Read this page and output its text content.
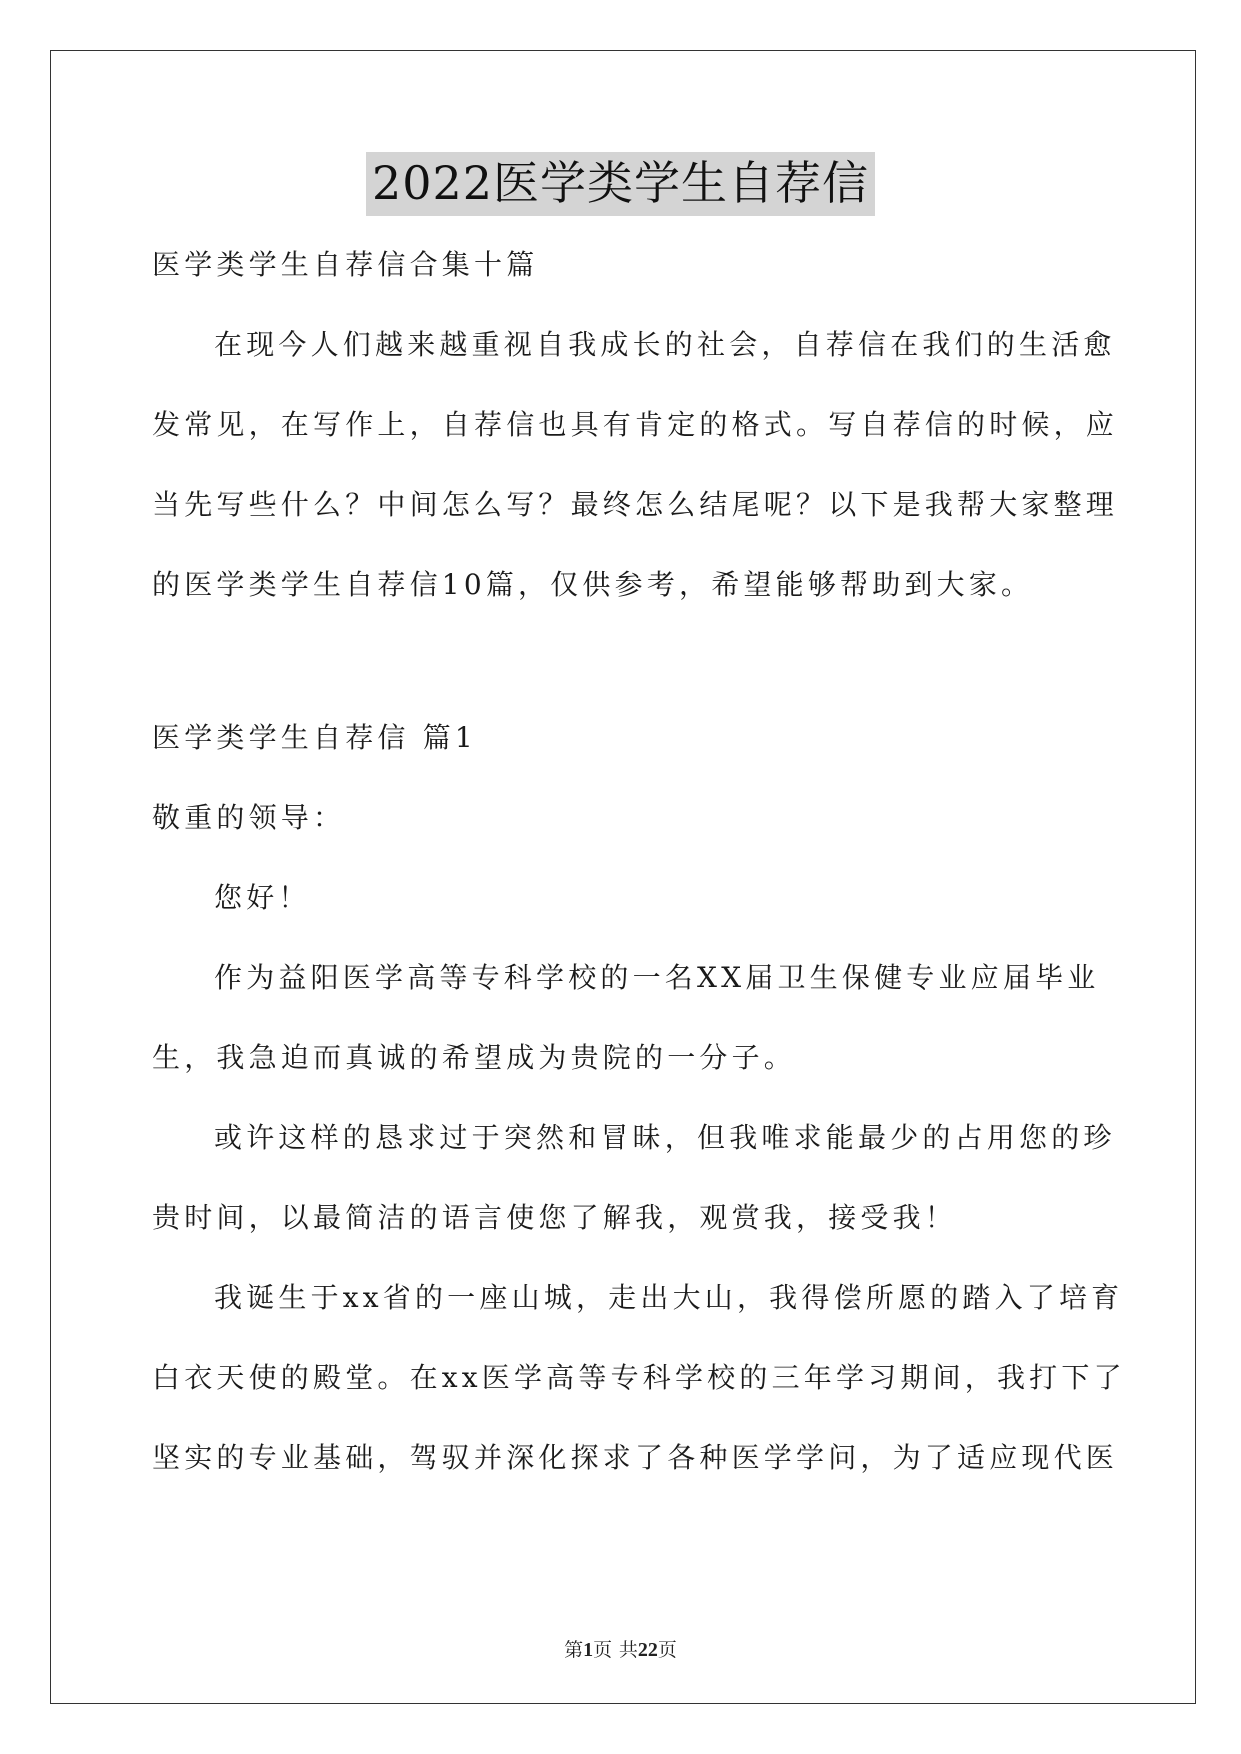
2022医学类学生自荐信

医学类学生自荐信合集十篇

在现今人们越来越重视自我成长的社会，自荐信在我们的生活愈

发常见，在写作上，自荐信也具有肯定的格式。写自荐信的时候，应

当先写些什么？中间怎么写？最终怎么结尾呢？以下是我帮大家整理

的医学类学生自荐信10篇，仅供参考，希望能够帮助到大家。

医学类学生自荐信 篇1

敬重的领导：

您好！

作为益阳医学高等专科学校的一名XX届卫生保健专业应届毕业

生，我急迫而真诚的希望成为贵院的一分子。

或许这样的恳求过于突然和冒昧，但我唯求能最少的占用您的珍

贵时间，以最简洁的语言使您了解我，观赏我，接受我！

我诞生于xx省的一座山城，走出大山，我得偿所愿的踏入了培育

白衣天使的殿堂。在xx医学高等专科学校的三年学习期间，我打下了

坚实的专业基础，驾驭并深化探求了各种医学学问，为了适应现代医

第1页 共22页
